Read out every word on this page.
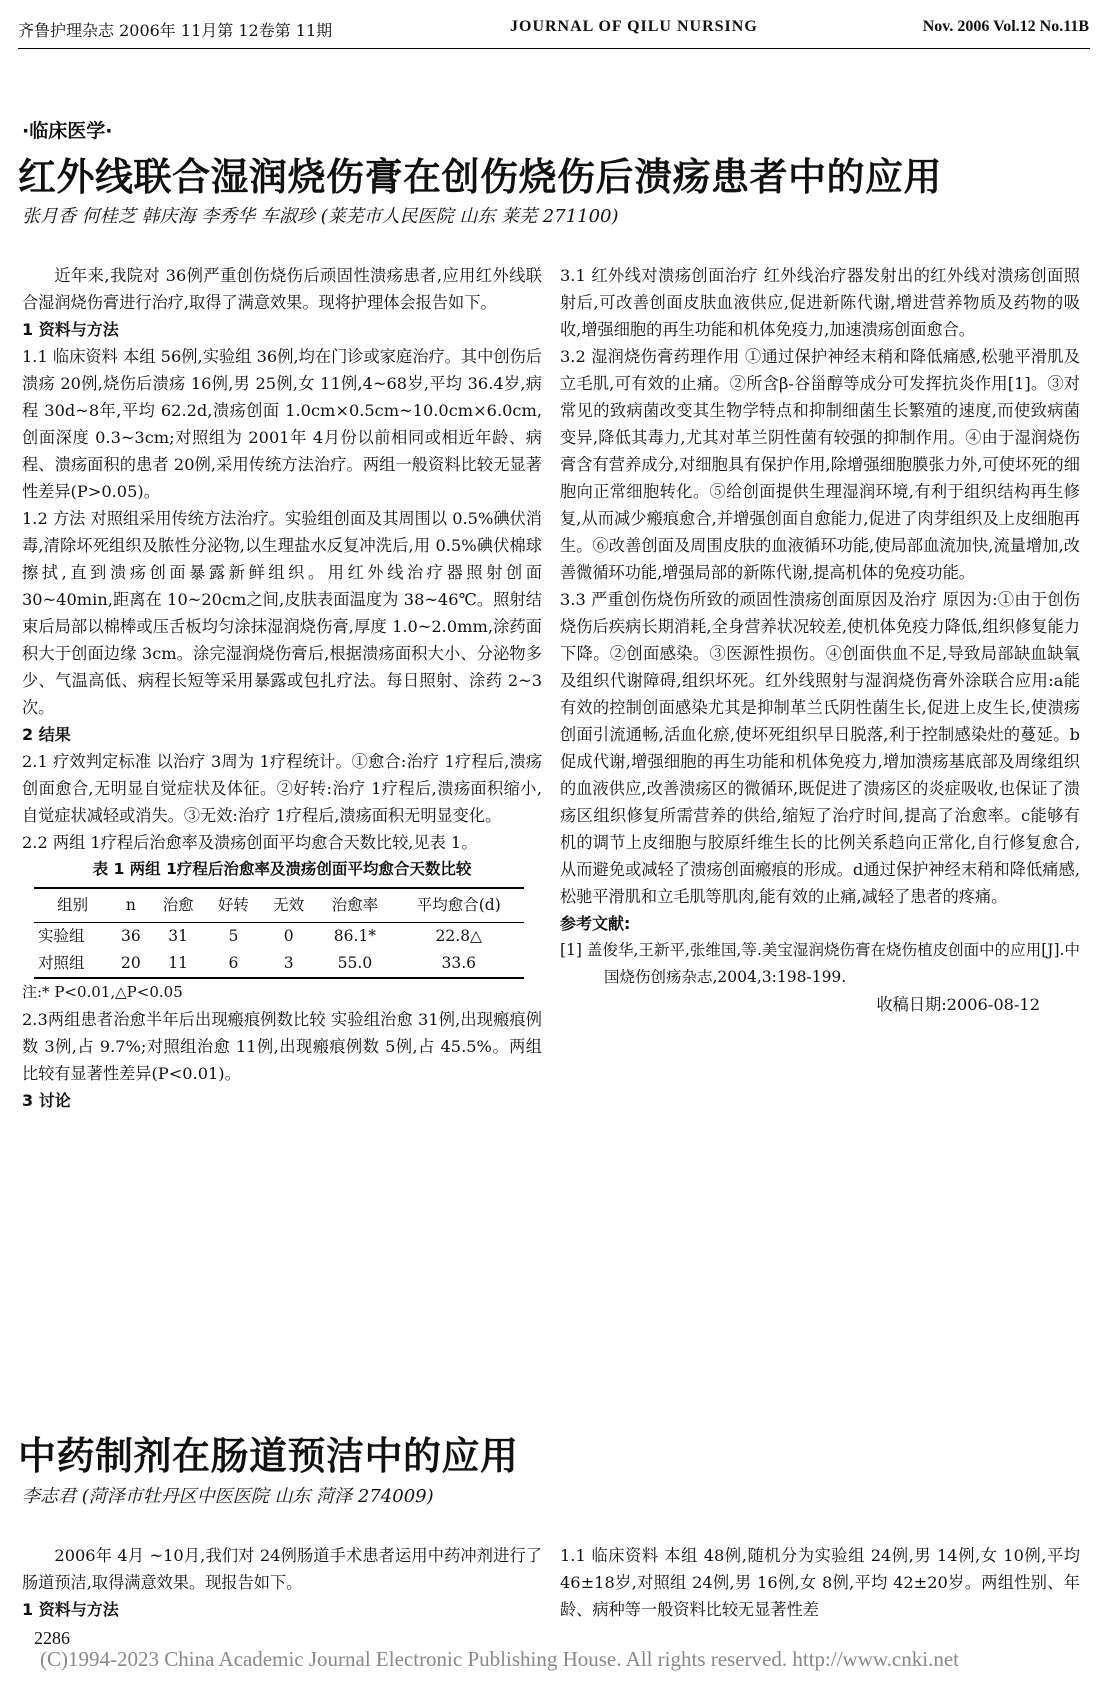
齐鲁护理杂志 2006年 11月第 12卷第 11期	JOURNAL OF QILU NURSING	Nov. 2006 Vol.12 No.11B
·临床医学·
红外线联合湿润烧伤膏在创伤烧伤后溃疡患者中的应用
张月香 何桂芝 韩庆海 李秀华 车淑珍 (莱芜市人民医院 山东 莱芜 271100)

近年来,我院对 36例严重创伤烧伤后顽固性溃疡患者,应用红外线联合湿润烧伤膏进行治疗,取得了满意效果。现将护理体会报告如下。

1 资料与方法

1.1 临床资料 本组 56例,实验组 36例,均在门诊或家庭治疗。其中创伤后溃疡 20例,烧伤后溃疡 16例,男 25例,女 11例,4~68岁,平均 36.4岁,病程 30d~8年,平均 62.2d,溃疡创面 1.0cm×0.5cm~10.0cm×6.0cm,创面深度 0.3~3cm;对照组为 2001年 4月份以前相同或相近年龄、病程、溃疡面积的患者 20例,采用传统方法治疗。两组一般资料比较无显著性差异(P>0.05)。

1.2 方法 对照组采用传统方法治疗。实验组创面及其周围以 0.5%碘伏消毒,清除坏死组织及脓性分泌物,以生理盐水反复冲洗后,用 0.5%碘伏棉球擦拭,直到溃疡创面暴露新鲜组织。用红外线治疗器照射创面 30~40min,距离在 10~20cm之间,皮肤表面温度为 38~46℃。照射结束后局部以棉棒或压舌板均匀涂抹湿润烧伤膏,厚度 1.0~2.0mm,涂药面积大于创面边缘 3cm。涂完湿润烧伤膏后,根据溃疡面积大小、分泌物多少、气温高低、病程长短等采用暴露或包扎疗法。每日照射、涂药 2~3次。

2 结果

2.1 疗效判定标准 以治疗 3周为 1疗程统计。①愈合:治疗 1疗程后,溃疡创面愈合,无明显自觉症状及体征。②好转:治疗 1疗程后,溃疡面积缩小,自觉症状减轻或消失。③无效:治疗 1疗程后,溃疡面积无明显变化。

2.2 两组 1疗程后治愈率及溃疡创面平均愈合天数比较,见表 1。

表 1 两组 1疗程后治愈率及溃疡创面平均愈合天数比较

组别	n	治愈	好转	无效	治愈率	平均愈合(d)
实验组	36	31	5	0	86.1*	22.8△
对照组	20	11	6	3	55.0	33.6

注:* P<0.01,△P<0.05

2.3两组患者治愈半年后出现瘢痕例数比较 实验组治愈 31例,出现瘢痕例数 3例,占 9.7%;对照组治愈 11例,出现瘢痕例数 5例,占 45.5%。两组比较有显著性差异(P<0.01)。

3 讨论

3.1 红外线对溃疡创面治疗 红外线治疗器发射出的红外线对溃疡创面照射后,可改善创面皮肤血液供应,促进新陈代谢,增进营养物质及药物的吸收,增强细胞的再生功能和机体免疫力,加速溃疡创面愈合。

3.2 湿润烧伤膏药理作用 ①通过保护神经末稍和降低痛感,松驰平滑肌及立毛肌,可有效的止痛。②所含β-谷甾醇等成分可发挥抗炎作用[1]。③对常见的致病菌改变其生物学特点和抑制细菌生长繁殖的速度,而使致病菌变异,降低其毒力,尤其对革兰阴性菌有较强的抑制作用。④由于湿润烧伤膏含有营养成分,对细胞具有保护作用,除增强细胞膜张力外,可使坏死的细胞向正常细胞转化。⑤给创面提供生理湿润环境,有利于组织结构再生修复,从而减少瘢痕愈合,并增强创面自愈能力,促进了肉芽组织及上皮细胞再生。⑥改善创面及周围皮肤的血液循环功能,使局部血流加快,流量增加,改善微循环功能,增强局部的新陈代谢,提高机体的免疫功能。

3.3 严重创伤烧伤所致的顽固性溃疡创面原因及治疗 原因为:①由于创伤烧伤后疾病长期消耗,全身营养状况较差,使机体免疫力降低,组织修复能力下降。②创面感染。③医源性损伤。④创面供血不足,导致局部缺血缺氧及组织代谢障碍,组织坏死。红外线照射与湿润烧伤膏外涂联合应用:a能有效的控制创面感染尤其是抑制革兰氏阴性菌生长,促进上皮生长,使溃疡创面引流通畅,活血化瘀,使坏死组织早日脱落,利于控制感染灶的蔓延。b促成代谢,增强细胞的再生功能和机体免疫力,增加溃疡基底部及周缘组织的血液供应,改善溃疡区的微循环,既促进了溃疡区的炎症吸收,也保证了溃疡区组织修复所需营养的供给,缩短了治疗时间,提高了治愈率。c能够有机的调节上皮细胞与胶原纤维生长的比例关系趋向正常化,自行修复愈合,从而避免或减轻了溃疡创面瘢痕的形成。d通过保护神经末稍和降低痛感,松驰平滑肌和立毛肌等肌肉,能有效的止痛,减轻了患者的疼痛。

参考文献:

[1] 盖俊华,王新平,张维国,等.美宝湿润烧伤膏在烧伤植皮创面中的应用[J].中国烧伤创疡杂志,2004,3:198-199.

收稿日期:2006-08-12

中药制剂在肠道预洁中的应用
李志君 (菏泽市牡丹区中医医院 山东 菏泽 274009)

2006年 4月 ~10月,我们对 24例肠道手术患者运用中药冲剂进行了肠道预洁,取得满意效果。现报告如下。

1 资料与方法

1.1 临床资料 本组 48例,随机分为实验组 24例,男 14例,女 10例,平均 46±18岁,对照组 24例,男 16例,女 8例,平均 42±20岁。两组性别、年龄、病种等一般资料比较无显著性差

2286
(C)1994-2023 China Academic Journal Electronic Publishing House. All rights reserved. http://www.cnki.net
